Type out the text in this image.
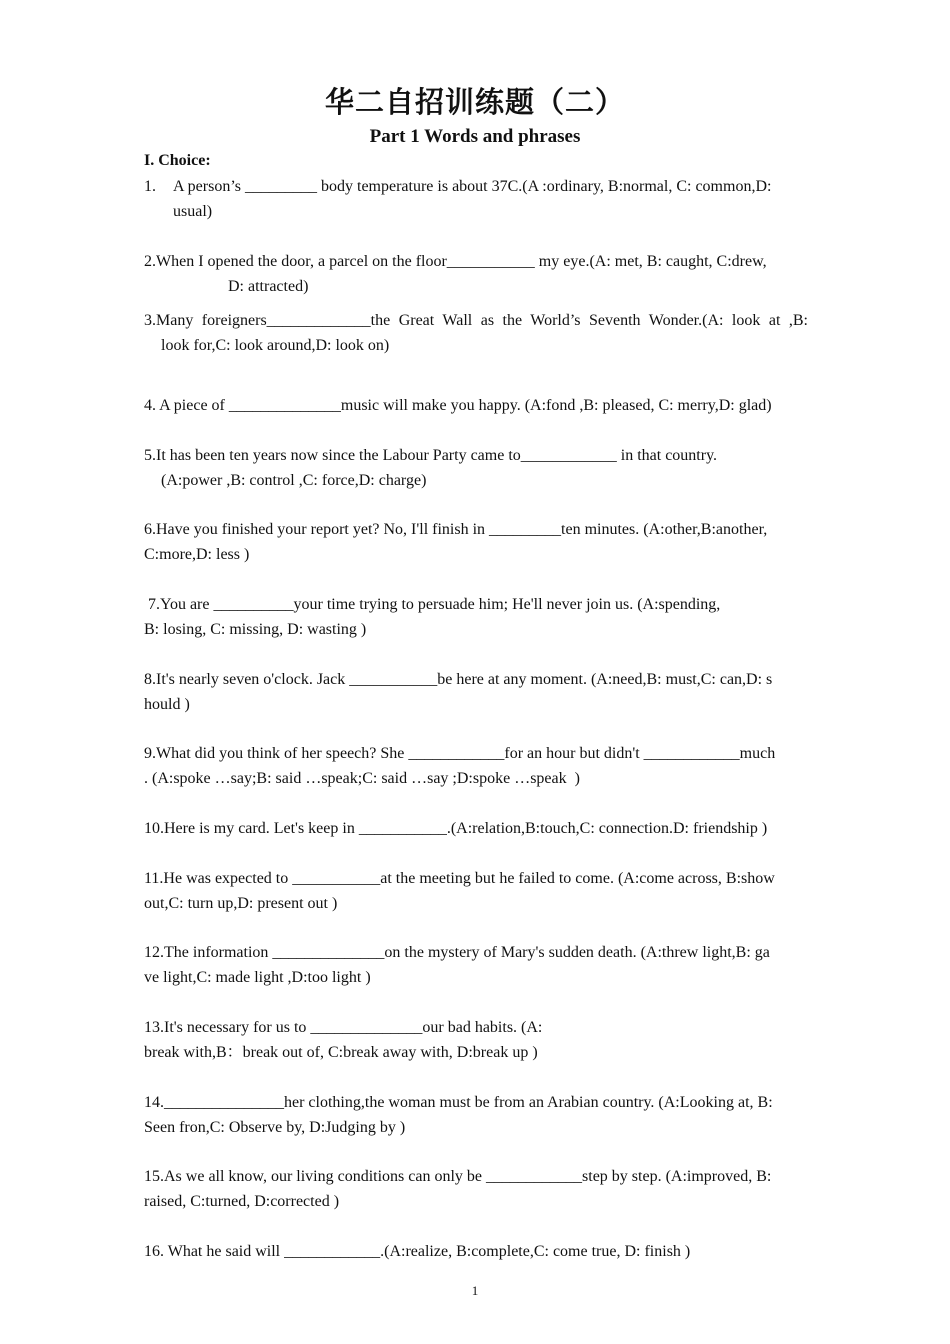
华二自招训练题（二）
Part 1 Words and phrases
I. Choice:
1.	A person’s _________ body temperature is about 37C.(A :ordinary, B:normal, C: common,D:
usual)
2.When I opened the door, a parcel on the floor___________ my eye.(A: met, B: caught, C:drew,
D: attracted)
3.Many foreigners_____________the Great Wall as the World’s Seventh Wonder.(A: look at ,B:
look for,C: look around,D: look on)
4. A piece of ______________music will make you happy. (A:fond ,B: pleased, C: merry,D: glad)
5.It has been ten years now since the Labour Party came to____________ in that country.
(A:power ,B: control ,C: force,D: charge)
6.Have you finished your report yet? No, I'll finish in _________ten minutes. (A:other,B:another,
C:more,D: less )
7.You are __________your time trying to persuade him; He'll never join us. (A:spending,
B: losing, C: missing, D: wasting )
8.It's nearly seven o'clock. Jack ___________be here at any moment. (A:need,B: must,C: can,D: s
hould )
9.What did you think of her speech? She ____________for an hour but didn't ____________much
. (A:spoke …say;B: said …speak;C: said …say ;D:spoke …speak  )
10.Here is my card. Let's keep in ___________.(A:relation,B:touch,C: connection.D: friendship )
11.He was expected to ___________at the meeting but he failed to come. (A:come across, B:show
out,C: turn up,D: present out )
12.The information ______________on the mystery of Mary's sudden death. (A:threw light,B: ga
ve light,C: made light ,D:too light )
13.It's necessary for us to ______________our bad habits. (A:
break with,B：break out of, C:break away with, D:break up )
14._______________her clothing,the woman must be from an Arabian country. (A:Looking at, B:
Seen fron,C: Observe by, D:Judging by )
15.As we all know, our living conditions can only be ____________step by step. (A:improved, B:
raised, C:turned, D:corrected )
16. What he said will ____________.(A:realize, B:complete,C: come true, D: finish )
1
